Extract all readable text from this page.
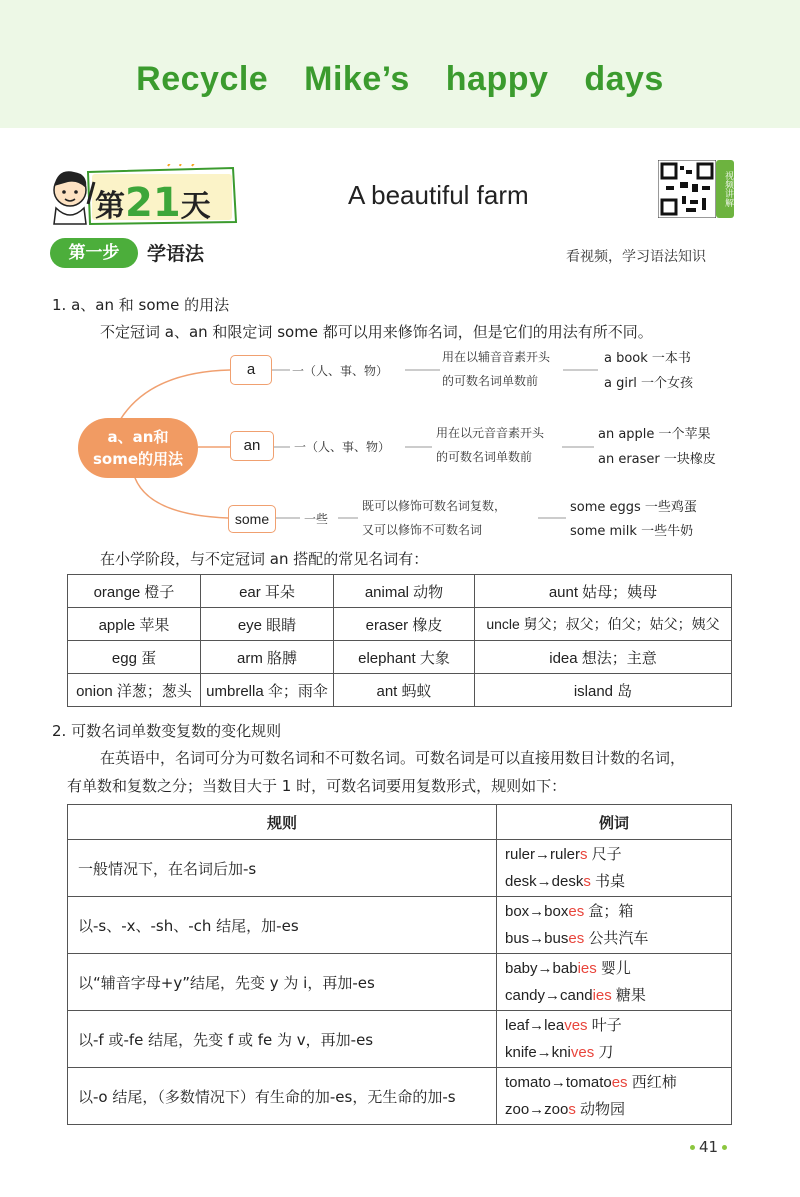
Recycle Mike’s happy days
第21天	A beautiful farm	视频讲解
第一步	学语法	看视频，学习语法知识
1. a、an 和 some 的用法
不定冠词 a、an 和限定词 some 都可以用来修饰名词，但是它们的用法有所不同。
a、an和
some的用法
a	一（人、事、物）
用在以辅音音素开头
的可数名词单数前
a book 一本书
a girl 一个女孩
an	一（人、事、物）
用在以元音音素开头
的可数名词单数前
an apple 一个苹果
an eraser 一块橡皮
some	一些
既可以修饰可数名词复数，
又可以修饰不可数名词
some eggs 一些鸡蛋
some milk 一些牛奶
在小学阶段，与不定冠词 an 搭配的常见名词有：
orange 橙子	ear 耳朵	animal 动物	aunt 姑母；姨母
apple 苹果	eye 眼睛	eraser 橡皮	uncle 舅父；叔父；伯父；姑父；姨父
egg 蛋	arm 胳膊	elephant 大象	idea 想法；主意
onion 洋葱；葱头	umbrella 伞；雨伞	ant 蚂蚁	island 岛
2. 可数名词单数变复数的变化规则
在英语中，名词可分为可数名词和不可数名词。可数名词是可以直接用数目计数的名词，
有单数和复数之分；当数目大于 1 时，可数名词要用复数形式，规则如下：
规则	例词
一般情况下，在名词后加-s	ruler→rulers 尺子
desk→desks 书桌

以-s、-x、-sh、-ch 结尾，加-es	box→boxes 盒；箱
bus→buses 公共汽车

以“辅音字母+y”结尾，先变 y 为 i，再加-es	baby→babies 婴儿
candy→candies 糖果

以-f 或-fe 结尾，先变 f 或 fe 为 v，再加-es	leaf→leaves 叶子
knife→knives 刀

以-o 结尾，（多数情况下）有生命的加-es，无生命的加-s	tomato→tomatoes 西红柿
zoo→zoos 动物园
41
